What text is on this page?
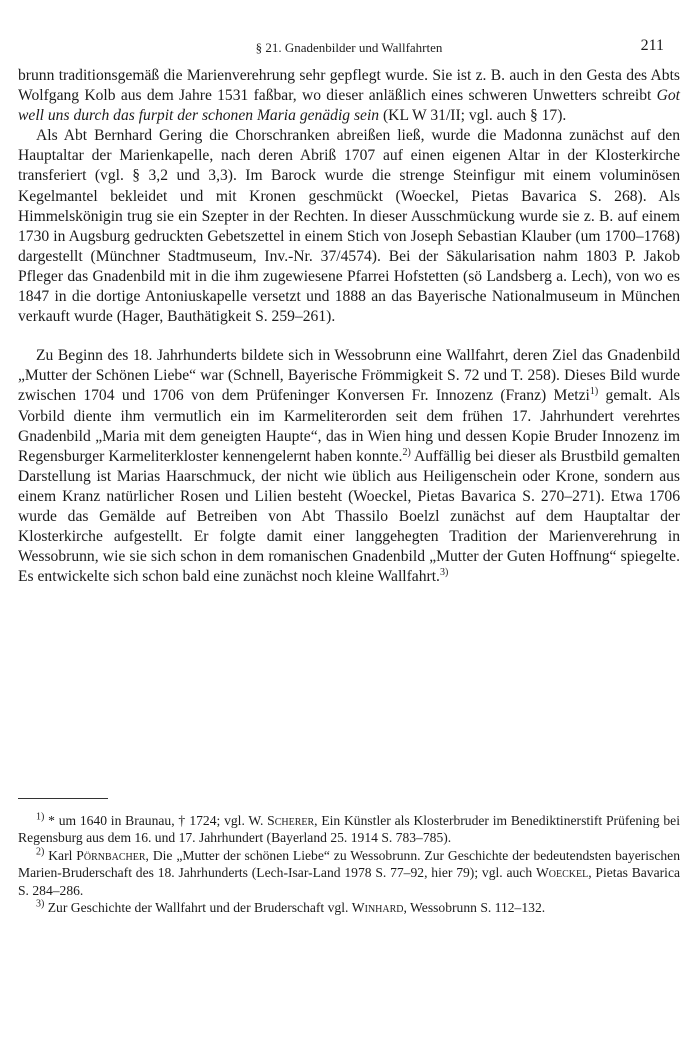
§ 21. Gnadenbilder und Wallfahrten	211

brunn traditionsgemäß die Marienverehrung sehr gepflegt wurde. Sie ist z. B. auch in den Gesta des Abts Wolfgang Kolb aus dem Jahre 1531 faßbar, wo dieser anläßlich eines schweren Unwetters schreibt Got well uns durch das furpit der schonen Maria genädig sein (KL W 31/II; vgl. auch § 17).

Als Abt Bernhard Gering die Chorschranken abreißen ließ, wurde die Madonna zunächst auf den Hauptaltar der Marienkapelle, nach deren Abriß 1707 auf einen eigenen Altar in der Klosterkirche transferiert (vgl. § 3,2 und 3,3). Im Barock wurde die strenge Steinfigur mit einem voluminösen Kegelmantel bekleidet und mit Kronen geschmückt (Woeckel, Pietas Bavarica S. 268). Als Himmelskönigin trug sie ein Szepter in der Rechten. In dieser Ausschmückung wurde sie z. B. auf einem 1730 in Augsburg gedruckten Gebetszettel in einem Stich von Joseph Sebastian Klauber (um 1700–1768) dargestellt (Münchner Stadtmuseum, Inv.-Nr. 37/4574). Bei der Säkularisation nahm 1803 P. Jakob Pfleger das Gnadenbild mit in die ihm zugewiesene Pfarrei Hofstetten (sö Landsberg a. Lech), von wo es 1847 in die dortige Antoniuskapelle versetzt und 1888 an das Bayerische Nationalmuseum in München verkauft wurde (Hager, Bauthätigkeit S. 259–261).

Zu Beginn des 18. Jahrhunderts bildete sich in Wessobrunn eine Wallfahrt, deren Ziel das Gnadenbild „Mutter der Schönen Liebe“ war (Schnell, Bayerische Frömmigkeit S. 72 und T. 258). Dieses Bild wurde zwischen 1704 und 1706 von dem Prüfeninger Konversen Fr. Innozenz (Franz) Metzi$^{1)}$ gemalt. Als Vorbild diente ihm vermutlich ein im Karmeliterorden seit dem frühen 17. Jahrhundert verehrtes Gnadenbild „Maria mit dem geneigten Haupte“, das in Wien hing und dessen Kopie Bruder Innozenz im Regensburger Karmeliterkloster kennengelernt haben konnte.$^{2)}$ Auffällig bei dieser als Brustbild gemalten Darstellung ist Marias Haarschmuck, der nicht wie üblich aus Heiligenschein oder Krone, sondern aus einem Kranz natürlicher Rosen und Lilien besteht (Woeckel, Pietas Bavarica S. 270–271). Etwa 1706 wurde das Gemälde auf Betreiben von Abt Thassilo Boelzl zunächst auf dem Hauptaltar der Klosterkirche aufgestellt. Er folgte damit einer langgehegten Tradition der Marienverehrung in Wessobrunn, wie sie sich schon in dem romanischen Gnadenbild „Mutter der Guten Hoffnung“ spiegelte. Es entwickelte sich schon bald eine zunächst noch kleine Wallfahrt.$^{3)}$

$^{1)}$ * um 1640 in Braunau, † 1724; vgl. W. Scherer, Ein Künstler als Klosterbruder im Benediktinerstift Prüfening bei Regensburg aus dem 16. und 17. Jahrhundert (Bayerland 25. 1914 S. 783–785).

$^{2)}$ Karl Pörnbacher, Die „Mutter der schönen Liebe“ zu Wessobrunn. Zur Geschichte der bedeutendsten bayerischen Marien-Bruderschaft des 18. Jahrhunderts (Lech-Isar-Land 1978 S. 77–92, hier 79); vgl. auch Woeckel, Pietas Bavarica S. 284–286.

$^{3)}$ Zur Geschichte der Wallfahrt und der Bruderschaft vgl. Winhard, Wessobrunn S. 112–132.
